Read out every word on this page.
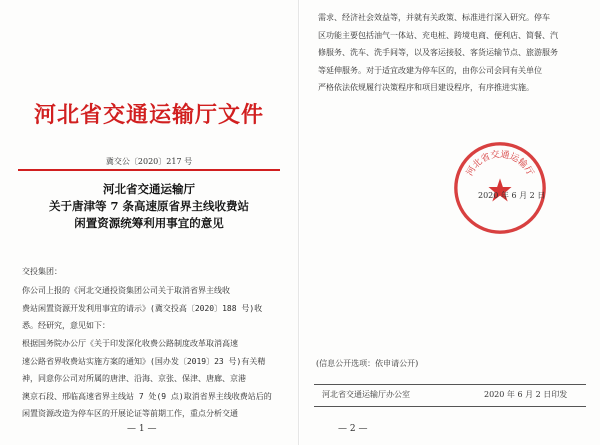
河北省交通运输厅文件
冀交公〔2020〕217 号
河北省交通运输厅
关于唐津等 7 条高速原省界主线收费站
闲置资源统筹利用事宜的意见
交投集团：
你公司上报的《河北交通投资集团公司关于取消省界主线收
费站闲置资源开发利用事宜的请示》(冀交投高〔2020〕188 号)收
悉。经研究，意见如下：
根据国务院办公厅《关于印发深化收费公路制度改革取消高速
速公路省界收费站实施方案的通知》(国办发〔2019〕23 号)有关精
神，同意你公司对所属的唐津、沿海、京张、保津、唐廊、京港
澳京石段、邢临高速省界主线站 7 处(9 点)取消省界主线收费站后的
闲置资源改造为停车区的开展论证等前期工作，重点分析交通
— 1 —
需求、经济社会效益等，并就有关政策、标准进行深入研究。停车
区功能主要包括油气一体站、充电桩、跨境电商、便利店、简餐、汽
修服务、洗车、洗手间等，以及客运接驳、客货运输节点、旅游服务
等延伸服务。对于适宜改建为停车区的，由你公司会同有关单位
严格依法依规履行决策程序和项目建设程序，有序推进实施。
河北省交通运输厅
2020 年 6 月 2 日
(信息公开选项：依申请公开)
河北省交通运输厅办公室	2020 年 6 月 2 日印发
— 2 —
